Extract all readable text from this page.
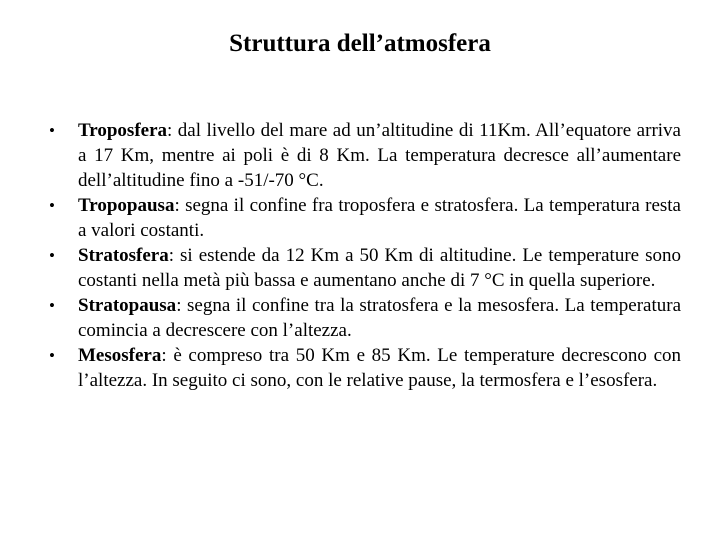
Struttura dell’atmosfera
• Troposfera: dal livello del mare ad un’altitudine di 11Km. All’equatore arriva a 17 Km, mentre ai poli è di 8 Km. La temperatura decresce all’aumentare dell’altitudine fino a -51/-70 °C.
• Tropopausa: segna il confine fra troposfera e stratosfera. La temperatura resta a valori costanti.
• Stratosfera: si estende da 12 Km a 50 Km di altitudine. Le temperature sono costanti nella metà più bassa e aumentano anche di 7 °C in quella superiore.
• Stratopausa: segna il confine tra la stratosfera e la mesosfera. La temperatura comincia a decrescere con l’altezza.
• Mesosfera: è compreso tra 50 Km e 85 Km. Le temperature decrescono con l’altezza. In seguito ci sono, con le relative pause, la termosfera e l’esosfera.
